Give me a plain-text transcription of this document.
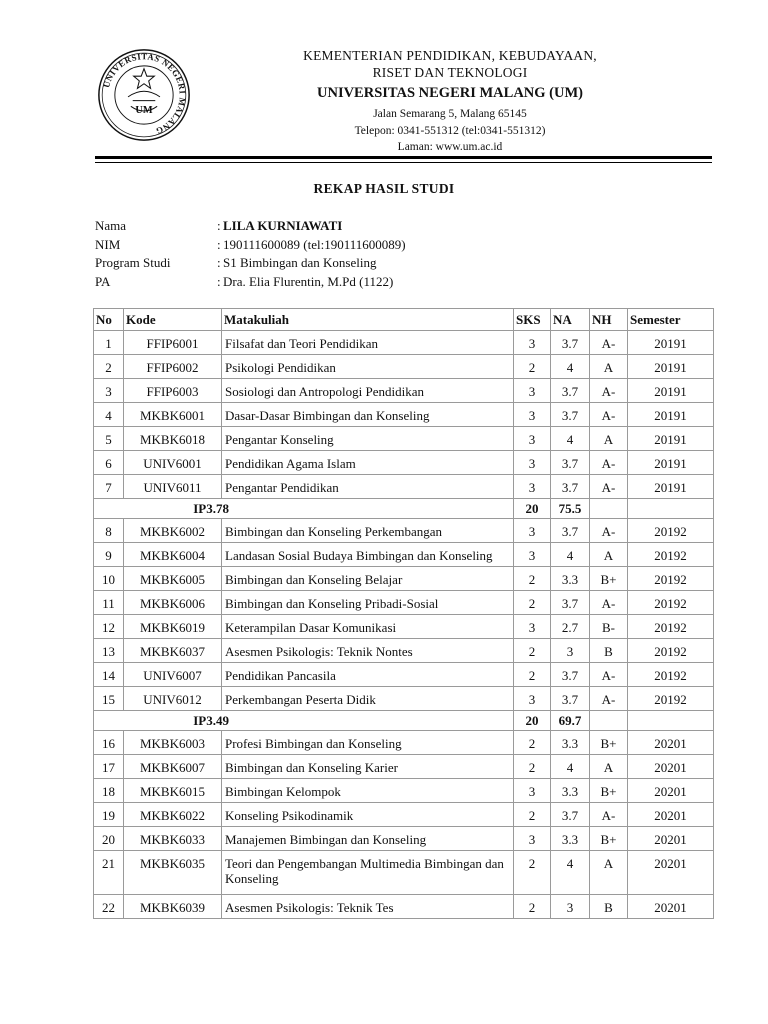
UNIVERSITAS NEGERI MALANG
UM
KEMENTERIAN PENDIDIKAN, KEBUDAYAAN,
RISET DAN TEKNOLOGI
UNIVERSITAS NEGERI MALANG (UM)
Jalan Semarang 5, Malang 65145
Telepon: 0341-551312 (tel:0341-551312)
Laman: www.um.ac.id
REKAP HASIL STUDI
Nama	: LILA KURNIAWATI
NIM	: 190111600089 (tel:190111600089)
Program Studi	: S1 Bimbingan dan Konseling
PA	: Dra. Elia Flurentin, M.Pd (1122)
No	Kode	Matakuliah	SKS	NA	NH	Semester
1	FFIP6001	Filsafat dan Teori Pendidikan	3	3.7	A-	20191
2	FFIP6002	Psikologi Pendidikan	2	4	A	20191
3	FFIP6003	Sosiologi dan Antropologi Pendidikan	3	3.7	A-	20191
4	MKBK6001	Dasar-Dasar Bimbingan dan Konseling	3	3.7	A-	20191
5	MKBK6018	Pengantar Konseling	3	4	A	20191
6	UNIV6001	Pendidikan Agama Islam	3	3.7	A-	20191
7	UNIV6011	Pengantar Pendidikan	3	3.7	A-	20191

IP3.78			20	75.5		
8	MKBK6002	Bimbingan dan Konseling Perkembangan	3	3.7	A-	20192
9	MKBK6004	Landasan Sosial Budaya Bimbingan dan Konseling	3	4	A	20192
10	MKBK6005	Bimbingan dan Konseling Belajar	2	3.3	B+	20192
11	MKBK6006	Bimbingan dan Konseling Pribadi-Sosial	2	3.7	A-	20192
12	MKBK6019	Keterampilan Dasar Komunikasi	3	2.7	B-	20192
13	MKBK6037	Asesmen Psikologis: Teknik Nontes	2	3	B	20192
14	UNIV6007	Pendidikan Pancasila	2	3.7	A-	20192
15	UNIV6012	Perkembangan Peserta Didik	3	3.7	A-	20192

IP3.49			20	69.7		
16	MKBK6003	Profesi Bimbingan dan Konseling	2	3.3	B+	20201
17	MKBK6007	Bimbingan dan Konseling Karier	2	4	A	20201
18	MKBK6015	Bimbingan Kelompok	3	3.3	B+	20201
19	MKBK6022	Konseling Psikodinamik	2	3.7	A-	20201
20	MKBK6033	Manajemen Bimbingan dan Konseling	3	3.3	B+	20201
21	MKBK6035	Teori dan Pengembangan Multimedia Bimbingan dan Konseling	2	4	A	20201
22	MKBK6039	Asesmen Psikologis: Teknik Tes	2	3	B	20201
